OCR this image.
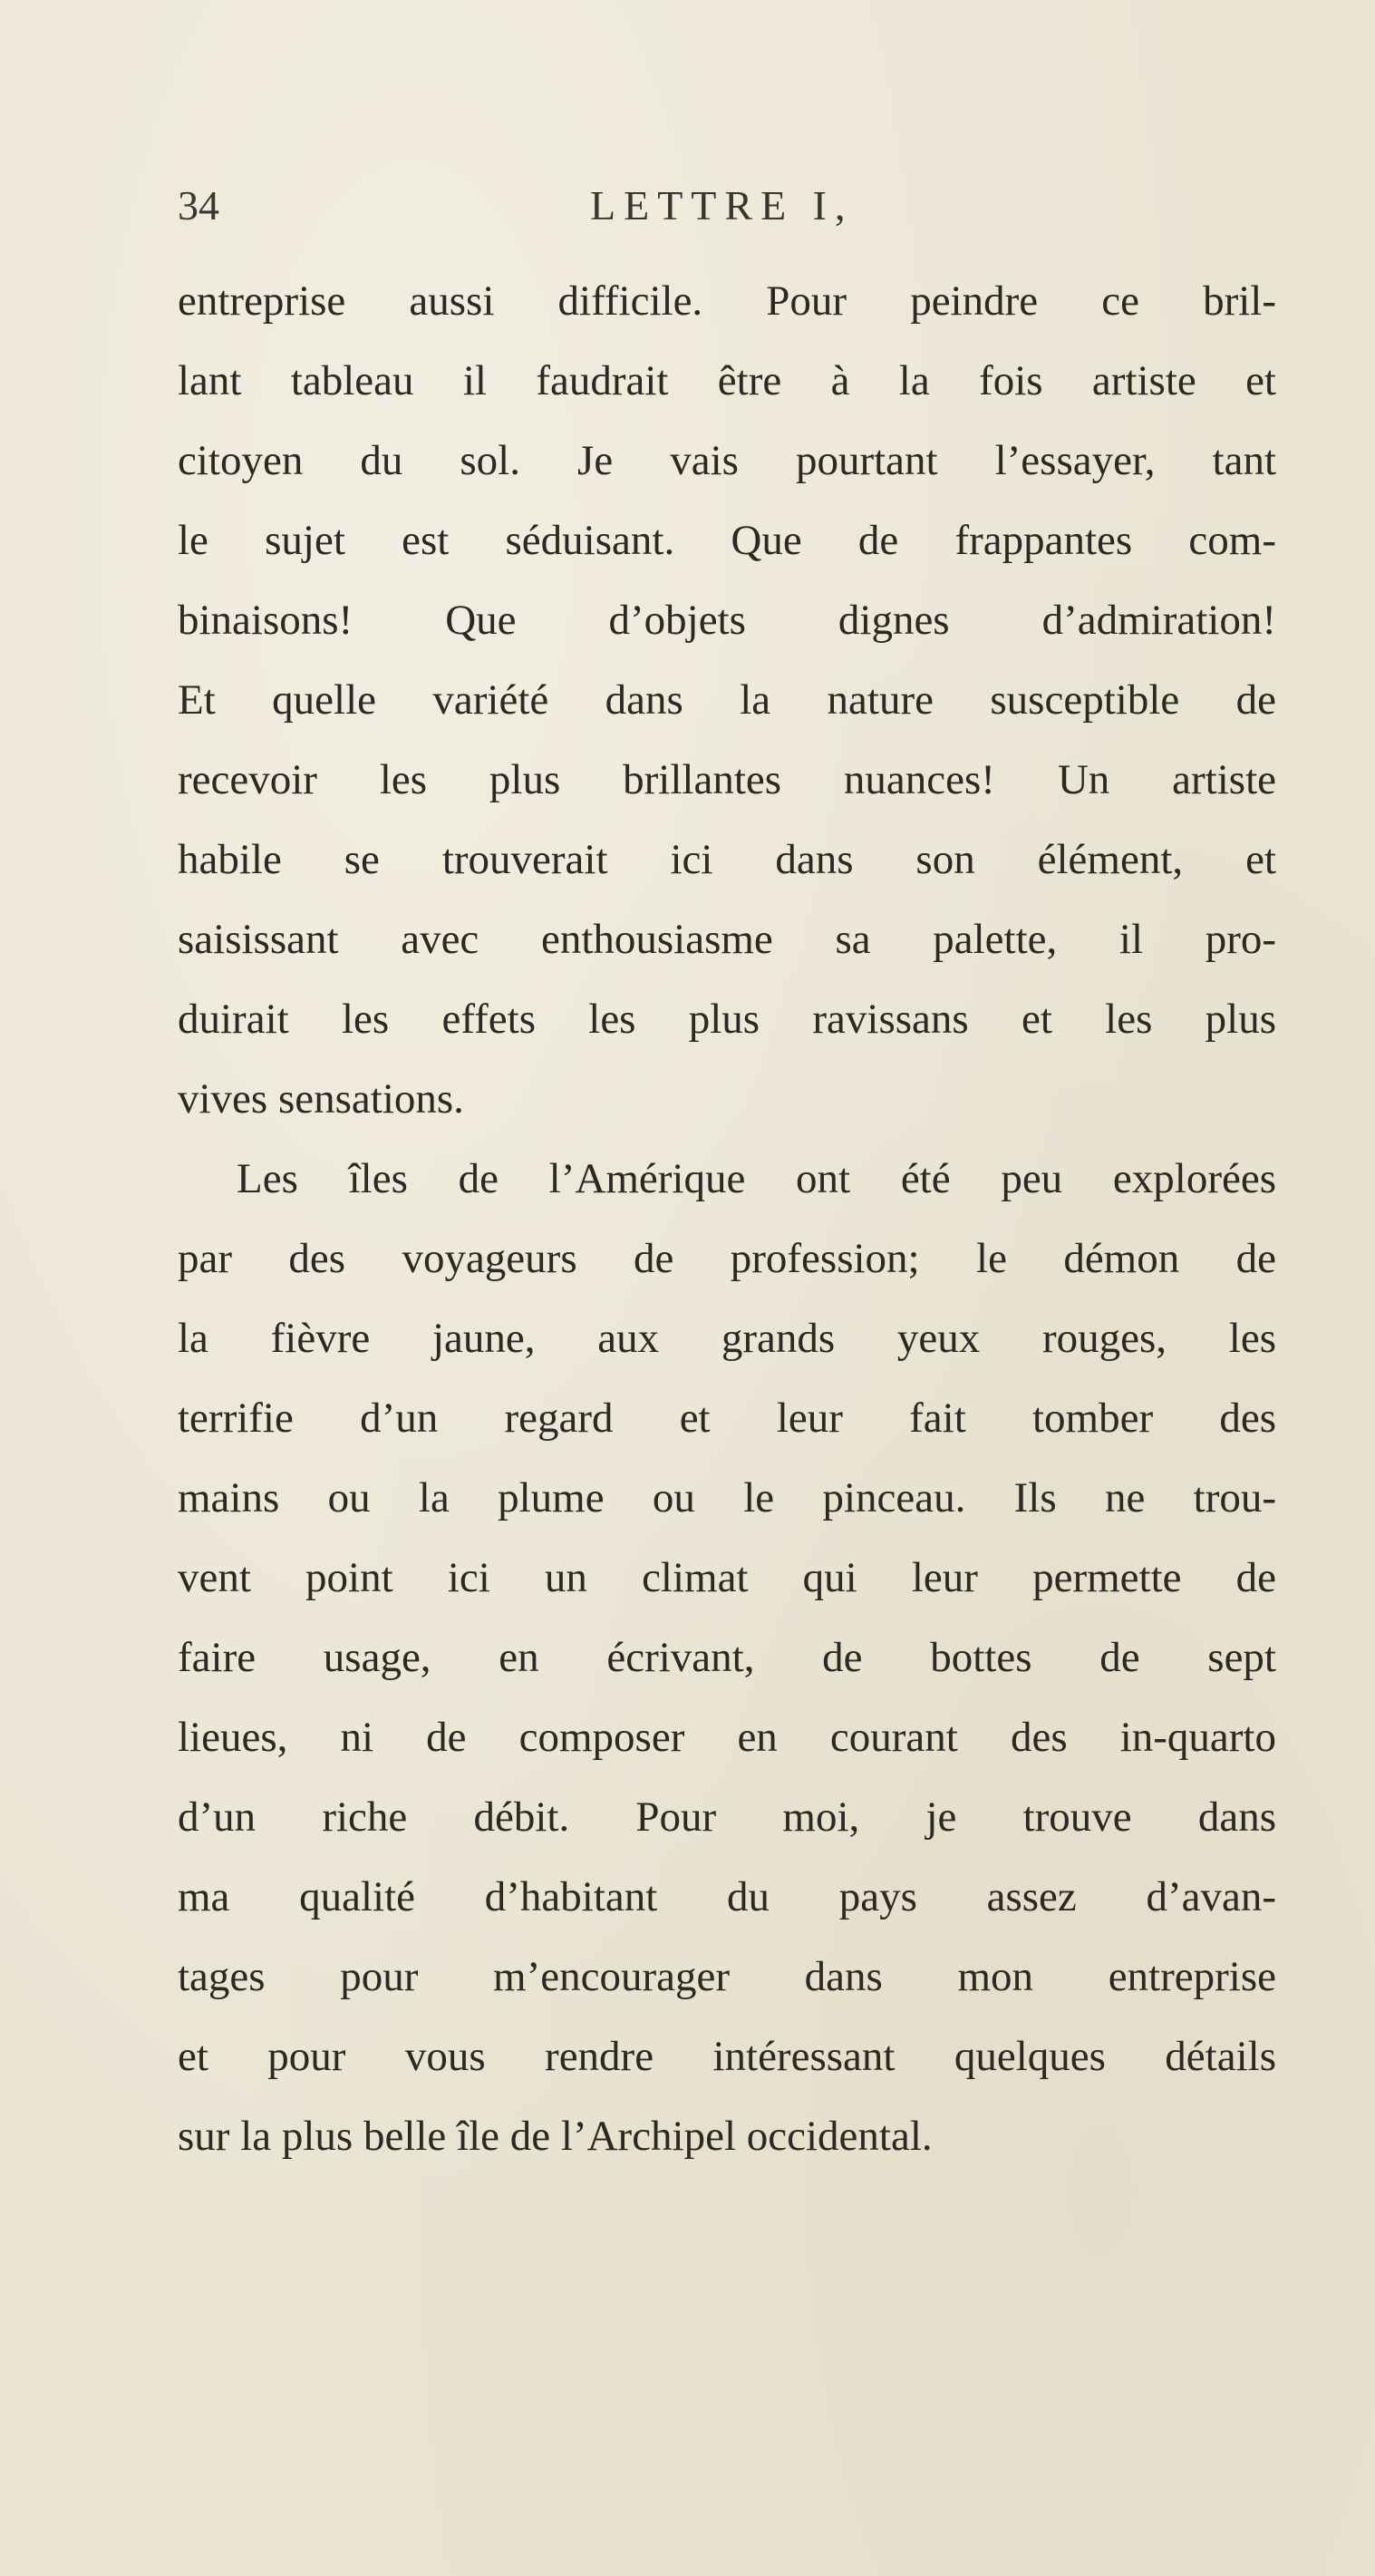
34	LETTRE I,
entreprise aussi difficile. Pour peindre ce bril-
lant tableau il faudrait être à la fois artiste et
citoyen du sol. Je vais pourtant l’essayer, tant
le sujet est séduisant. Que de frappantes com-
binaisons! Que d’objets dignes d’admiration!
Et quelle variété dans la nature susceptible de
recevoir les plus brillantes nuances! Un artiste
habile se trouverait ici dans son élément, et
saisissant avec enthousiasme sa palette, il pro-
duirait les effets les plus ravissans et les plus
vives sensations.
Les îles de l’Amérique ont été peu explorées
par des voyageurs de profession; le démon de
la fièvre jaune, aux grands yeux rouges, les
terrifie d’un regard et leur fait tomber des
mains ou la plume ou le pinceau. Ils ne trou-
vent point ici un climat qui leur permette de
faire usage, en écrivant, de bottes de sept
lieues, ni de composer en courant des in-quarto
d’un riche débit. Pour moi, je trouve dans
ma qualité d’habitant du pays assez d’avan-
tages pour m’encourager dans mon entreprise
et pour vous rendre intéressant quelques détails
sur la plus belle île de l’Archipel occidental.
